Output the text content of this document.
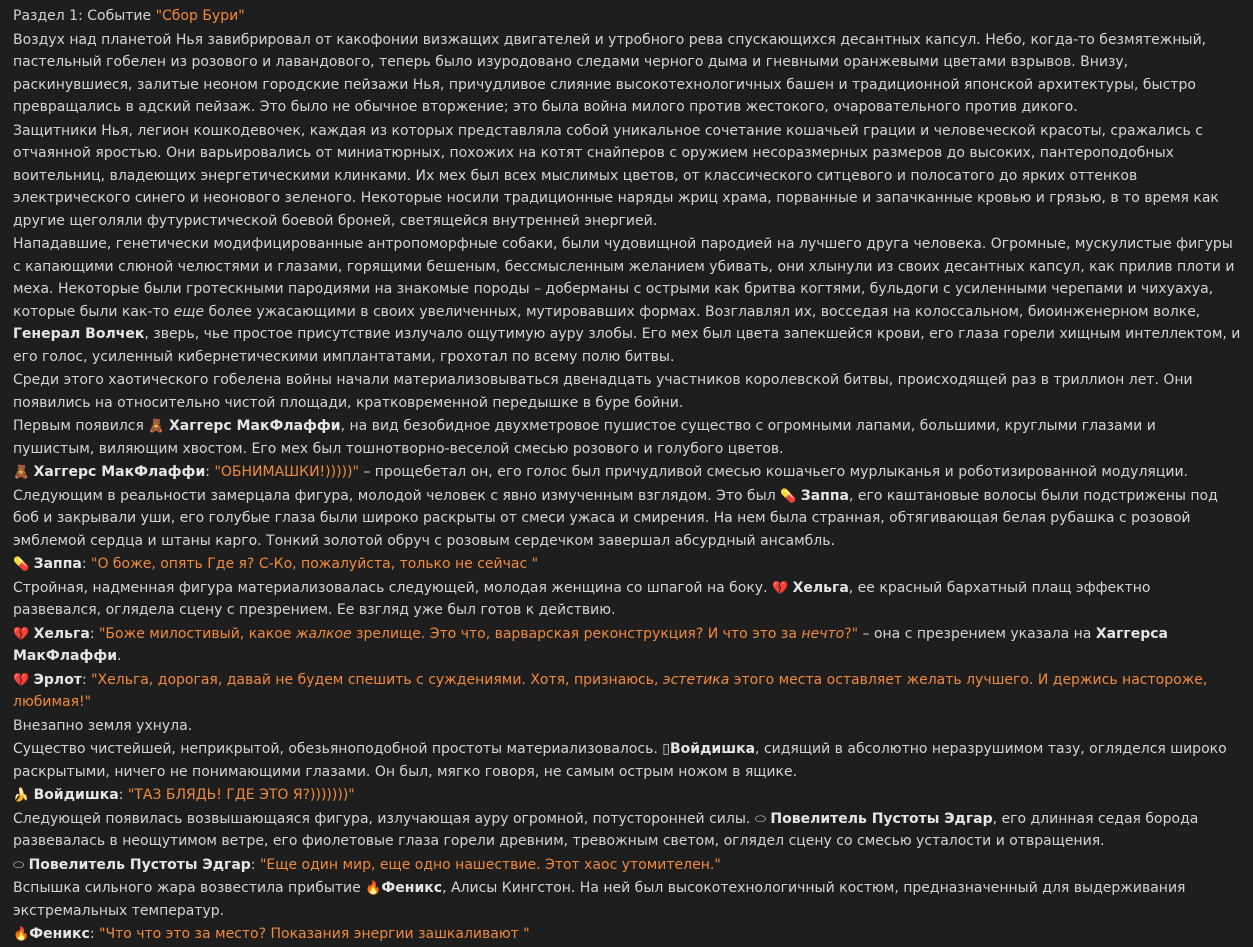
Раздел 1: Событие "Сбор Бури"

Воздух над планетой Нья завибрировал от какофонии визжащих двигателей и утробного рева спускающихся десантных капсул. Небо, когда-то безмятежный, пастельный гобелен из розового и лавандового, теперь было изуродовано следами черного дыма и гневными оранжевыми цветами взрывов. Внизу, раскинувшиеся, залитые неоном городские пейзажи Нья, причудливое слияние высокотехнологичных башен и традиционной японской архитектуры, быстро превращались в адский пейзаж. Это было не обычное вторжение; это была война милого против жестокого, очаровательного против дикого.

Защитники Нья, легион кошкодевочек, каждая из которых представляла собой уникальное сочетание кошачьей грации и человеческой красоты, сражались с отчаянной яростью. Они варьировались от миниатюрных, похожих на котят снайперов с оружием несоразмерных размеров до высоких, пантероподобных воительниц, владеющих энергетическими клинками. Их мех был всех мыслимых цветов, от классического ситцевого и полосатого до ярких оттенков электрического синего и неонового зеленого. Некоторые носили традиционные наряды жриц храма, порванные и запачканные кровью и грязью, в то время как другие щеголяли футуристической боевой броней, светящейся внутренней энергией.

Нападавшие, генетически модифицированные антропоморфные собаки, были чудовищной пародией на лучшего друга человека. Огромные, мускулистые фигуры с капающими слюной челюстями и глазами, горящими бешеным, бессмысленным желанием убивать, они хлынули из своих десантных капсул, как прилив плоти и меха. Некоторые были гротескными пародиями на знакомые породы – доберманы с острыми как бритва когтями, бульдоги с усиленными черепами и чихуахуа, которые были как-то еще более ужасающими в своих увеличенных, мутировавших формах. Возглавлял их, восседая на колоссальном, биоинженерном волке, Генерал Волчек, зверь, чье простое присутствие излучало ощутимую ауру злобы. Его мех был цвета запекшейся крови, его глаза горели хищным интеллектом, и его голос, усиленный кибернетическими имплантатами, грохотал по всему полю битвы.

Среди этого хаотического гобелена войны начали материализовываться двенадцать участников королевской битвы, происходящей раз в триллион лет. Они появились на относительно чистой площади, кратковременной передышке в буре бойни.

Первым появился 🧸 Хаггерс МакФлаффи, на вид безобидное двухметровое пушистое существо с огромными лапами, большими, круглыми глазами и пушистым, виляющим хвостом. Его мех был тошнотворно-веселой смесью розового и голубого цветов.

🧸 Хаггерс МакФлаффи: "ОБНИМАШКИ!)))))" – прощебетал он, его голос был причудливой смесью кошачьего мурлыканья и роботизированной модуляции.

Следующим в реальности замерцала фигура, молодой человек с явно измученным взглядом. Это был 💊 Заппа, его каштановые волосы были подстрижены под боб и закрывали уши, его голубые глаза были широко раскрыты от смеси ужаса и смирения. На нем была странная, обтягивающая белая рубашка с розовой эмблемой сердца и штаны карго. Тонкий золотой обруч с розовым сердечком завершал абсурдный ансамбль.

💊 Заппа: "О боже, опять Где я? С-Ко, пожалуйста, только не сейчас "

Стройная, надменная фигура материализовалась следующей, молодая женщина со шпагой на боку. 💔 Хельга, ее красный бархатный плащ эффектно развевался, оглядела сцену с презрением. Ее взгляд уже был готов к действию.

💔 Хельга: "Боже милостивый, какое жалкое зрелище. Это что, варварская реконструкция? И что это за нечто?" – она с презрением указала на Хаггерса МакФлаффи.

💔 Эрлот: "Хельга, дорогая, давай не будем спешить с суждениями. Хотя, признаюсь, эстетика этого места оставляет желать лучшего. И держись настороже, любимая!"

Внезапно земля ухнула.

Существо чистейшей, неприкрытой, обезьяноподобной простоты материализовалось. ▯Войдишка, сидящий в абсолютно неразрушимом тазу, огляделся широко раскрытыми, ничего не понимающими глазами. Он был, мягко говоря, не самым острым ножом в ящике.

🍌 Войдишка: "ТАЗ БЛЯДЬ! ГДЕ ЭТО Я?)))))))"

Следующей появилась возвышающаяся фигура, излучающая ауру огромной, потусторонней силы. ⬭ Повелитель Пустоты Эдгар, его длинная седая борода развевалась в неощутимом ветре, его фиолетовые глаза горели древним, тревожным светом, оглядел сцену со смесью усталости и отвращения.

⬭ Повелитель Пустоты Эдгар: "Еще один мир, еще одно нашествие. Этот хаос утомителен."

Вспышка сильного жара возвестила прибытие 🔥Феникс, Алисы Кингстон. На ней был высокотехнологичный костюм, предназначенный для выдерживания экстремальных температур.

🔥Феникс: "Что что это за место? Показания энергии зашкаливают "
